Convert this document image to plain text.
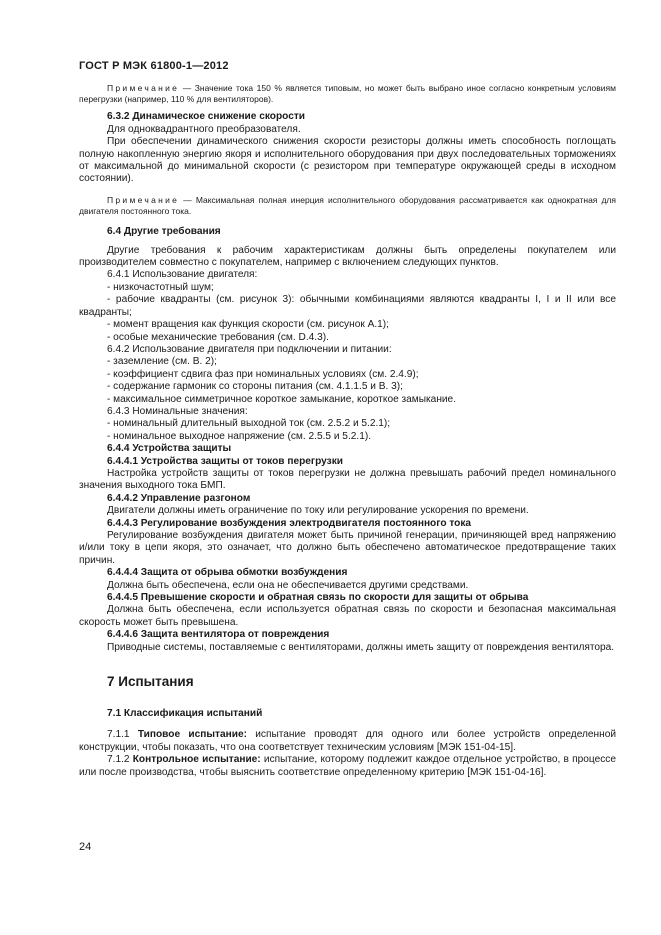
ГОСТ Р МЭК 61800-1—2012

Примечание — Значение тока 150 % является типовым, но может быть выбрано иное согласно конкретным условиям перегрузки (например, 110 % для вентиляторов).

6.3.2 Динамическое снижение скорости

Для одноквадрантного преобразователя.

При обеспечении динамического снижения скорости резисторы должны иметь способность поглощать полную накопленную энергию якоря и исполнительного оборудования при двух последовательных торможениях от максимальной до минимальной скорости (с резистором при температуре окружающей среды в исходном состоянии).

Примечание — Максимальная полная инерция исполнительного оборудования рассматривается как однократная для двигателя постоянного тока.

6.4 Другие требования

Другие требования к рабочим характеристикам должны быть определены покупателем или производителем совместно с покупателем, например с включением следующих пунктов.

6.4.1 Использование двигателя:

- низкочастотный шум;

- рабочие квадранты (см. рисунок 3): обычными комбинациями являются квадранты I, I и II или все квадранты;

- момент вращения как функция скорости (см. рисунок А.1);

- особые механические требования (см. D.4.3).

6.4.2 Использование двигателя при подключении и питании:

- заземление (см. В. 2);

- коэффициент сдвига фаз при номинальных условиях (см. 2.4.9);

- содержание гармоник со стороны питания (см. 4.1.1.5 и В. 3);

- максимальное симметричное короткое замыкание, короткое замыкание.

6.4.3 Номинальные значения:

- номинальный длительный выходной ток (см. 2.5.2 и 5.2.1);

- номинальное выходное напряжение (см. 2.5.5 и 5.2.1).

6.4.4 Устройства защиты

6.4.4.1 Устройства защиты от токов перегрузки

Настройка устройств защиты от токов перегрузки не должна превышать рабочий предел номинального значения выходного тока БМП.

6.4.4.2 Управление разгоном

Двигатели должны иметь ограничение по току или регулирование ускорения по времени.

6.4.4.3 Регулирование возбуждения электродвигателя постоянного тока

Регулирование возбуждения двигателя может быть причиной генерации, причиняющей вред напряжению и/или току в цепи якоря, это означает, что должно быть обеспечено автоматическое предотвращение таких причин.

6.4.4.4 Защита от обрыва обмотки возбуждения

Должна быть обеспечена, если она не обеспечивается другими средствами.

6.4.4.5 Превышение скорости и обратная связь по скорости для защиты от обрыва

Должна быть обеспечена, если используется обратная связь по скорости и безопасная максимальная скорость может быть превышена.

6.4.4.6 Защита вентилятора от повреждения

Приводные системы, поставляемые с вентиляторами, должны иметь защиту от повреждения вентилятора.

7 Испытания

7.1 Классификация испытаний

7.1.1 Типовое испытание: испытание проводят для одного или более устройств определенной конструкции, чтобы показать, что она соответствует техническим условиям [МЭК 151-04-15].

7.1.2 Контрольное испытание: испытание, которому подлежит каждое отдельное устройство, в процессе или после производства, чтобы выяснить соответствие определенному критерию [МЭК 151-04-16].

24
